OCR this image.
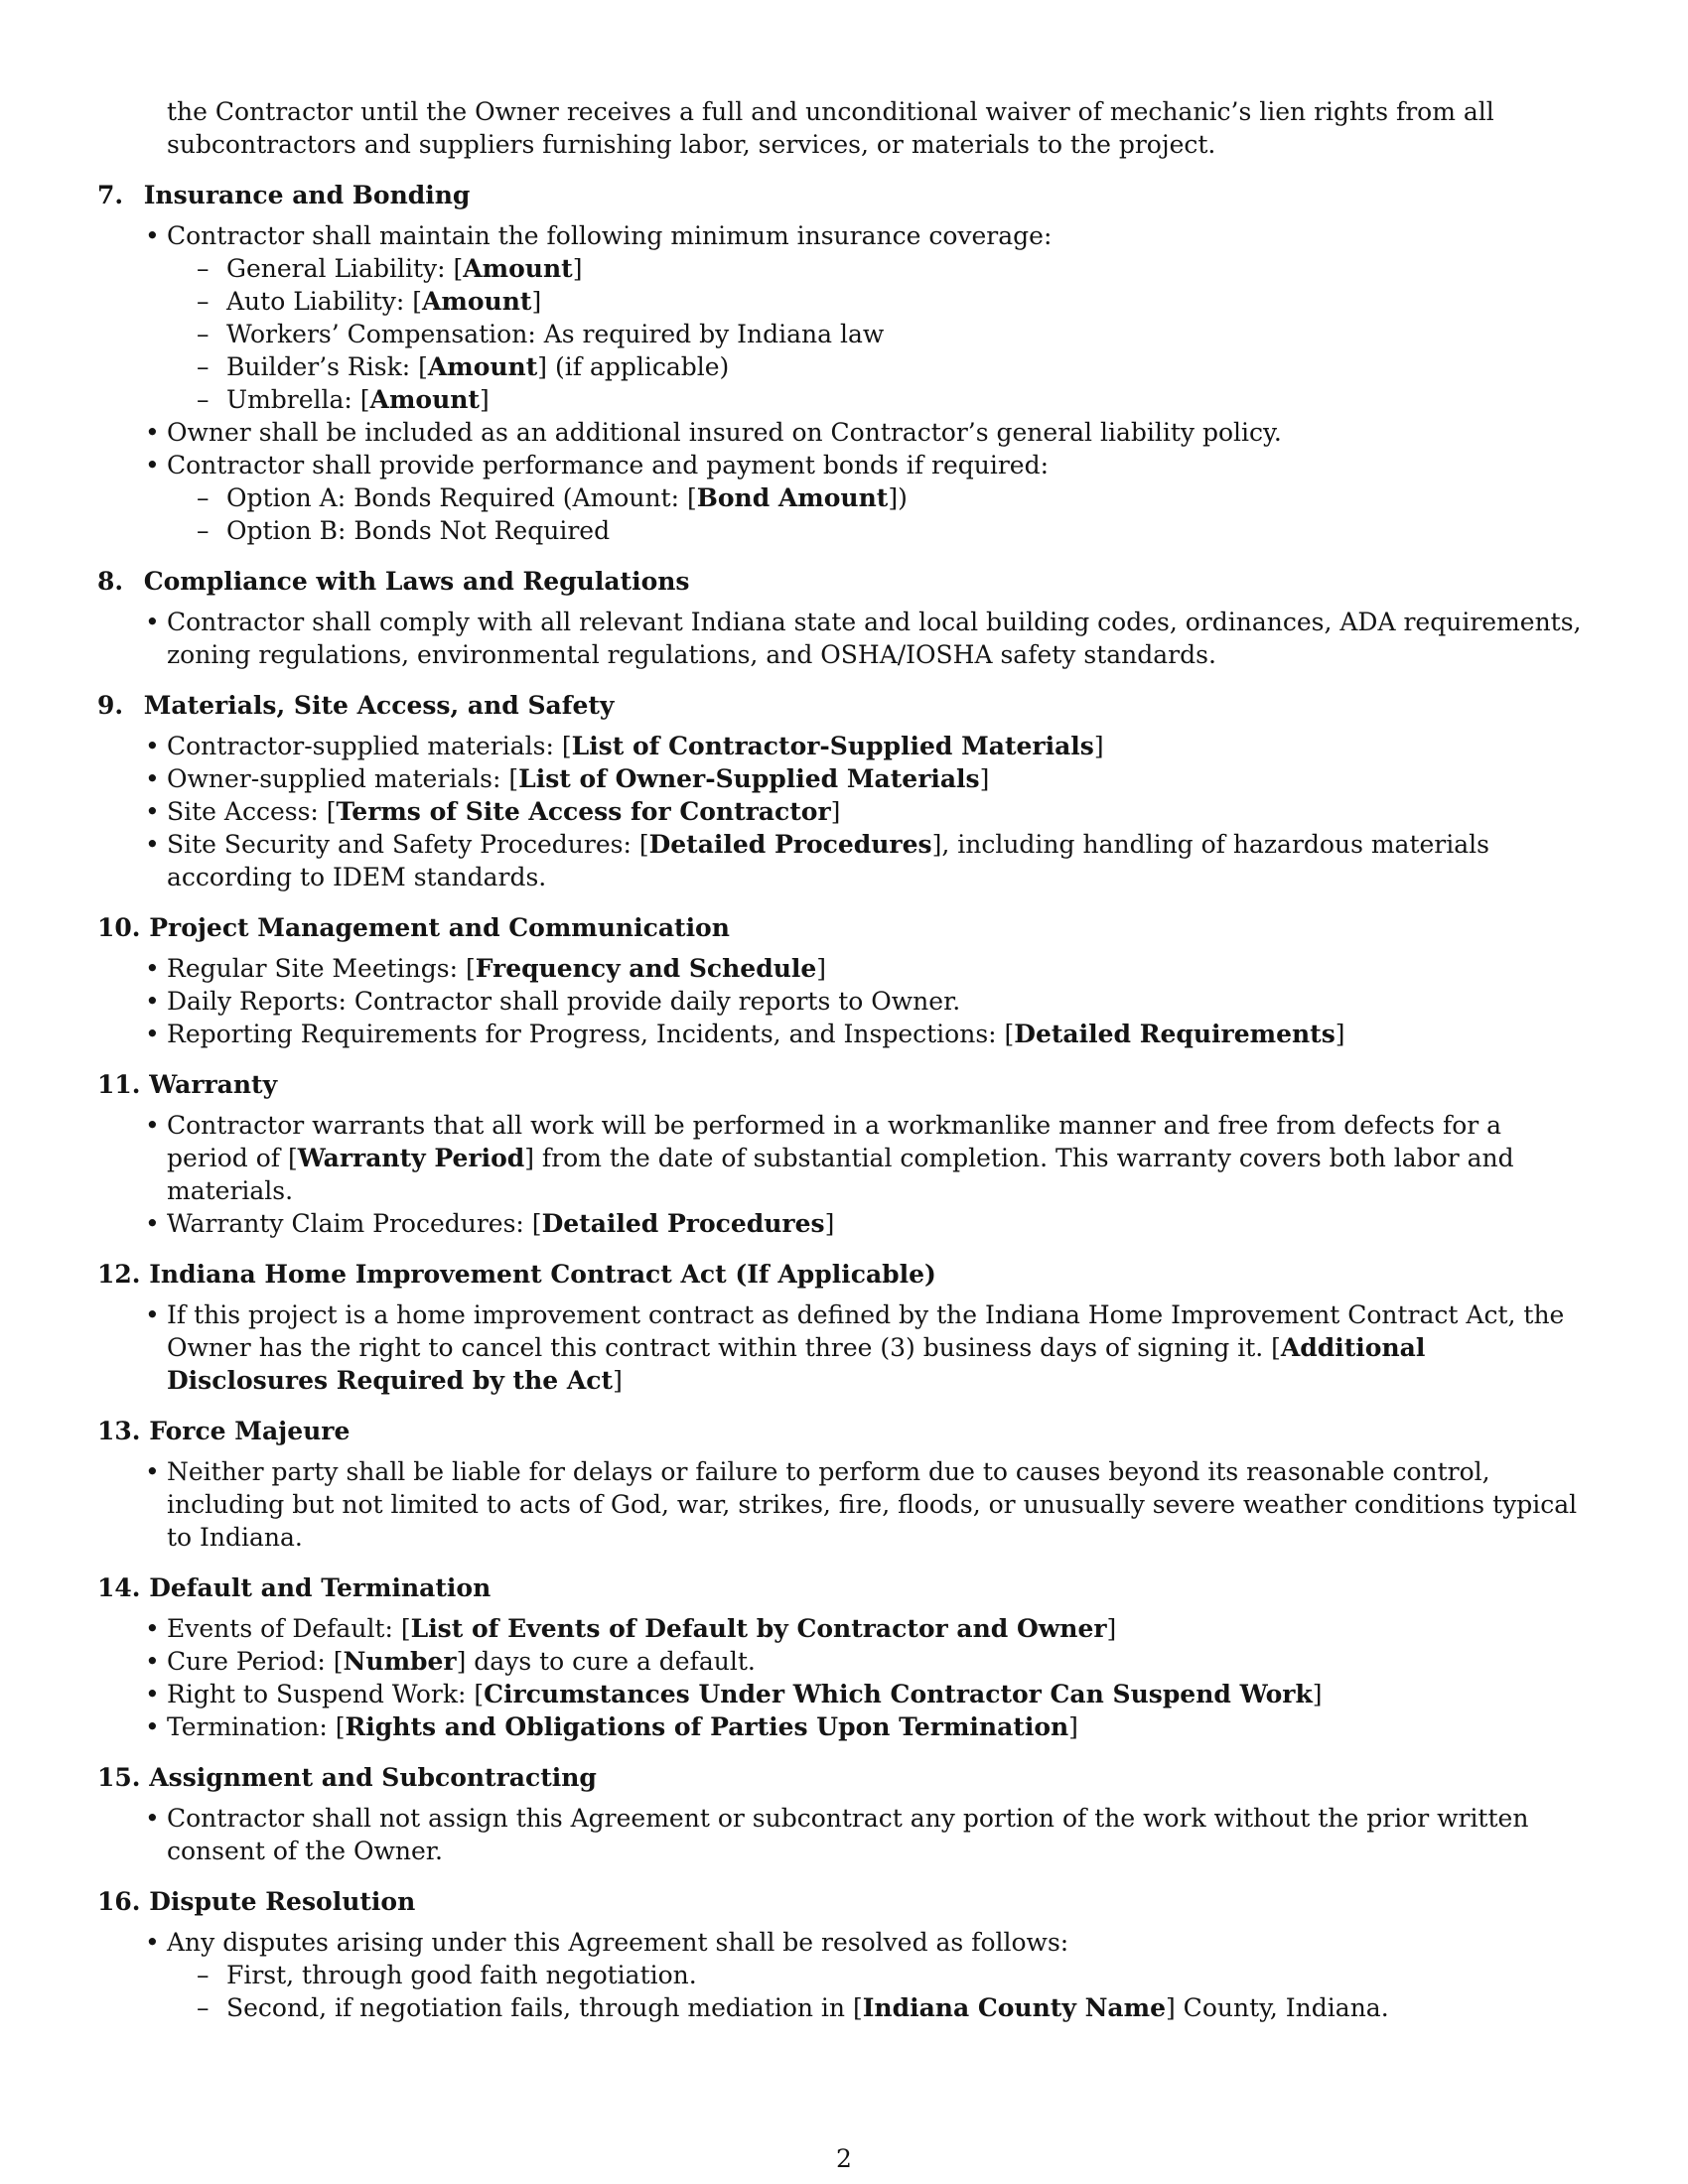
the Contractor until the Owner receives a full and unconditional waiver of mechanic’s lien rights from all subcontractors and suppliers furnishing labor, services, or materials to the project.

7. Insurance and Bonding

• Contractor shall maintain the following minimum insurance coverage:
– General Liability: [Amount]
– Auto Liability: [Amount]
– Workers’ Compensation: As required by Indiana law
– Builder’s Risk: [Amount] (if applicable)
– Umbrella: [Amount]
• Owner shall be included as an additional insured on Contractor’s general liability policy.
• Contractor shall provide performance and payment bonds if required:
– Option A: Bonds Required (Amount: [Bond Amount])
– Option B: Bonds Not Required

8. Compliance with Laws and Regulations

• Contractor shall comply with all relevant Indiana state and local building codes, ordinances, ADA requirements, zoning regulations, environmental regulations, and OSHA/IOSHA safety standards.

9. Materials, Site Access, and Safety

• Contractor-supplied materials: [List of Contractor-Supplied Materials]
• Owner-supplied materials: [List of Owner-Supplied Materials]
• Site Access: [Terms of Site Access for Contractor]
• Site Security and Safety Procedures: [Detailed Procedures], including handling of hazardous materials according to IDEM standards.

10. Project Management and Communication

• Regular Site Meetings: [Frequency and Schedule]
• Daily Reports: Contractor shall provide daily reports to Owner.
• Reporting Requirements for Progress, Incidents, and Inspections: [Detailed Requirements]

11. Warranty

• Contractor warrants that all work will be performed in a workmanlike manner and free from defects for a period of [Warranty Period] from the date of substantial completion. This warranty covers both labor and materials.
• Warranty Claim Procedures: [Detailed Procedures]

12. Indiana Home Improvement Contract Act (If Applicable)

• If this project is a home improvement contract as defined by the Indiana Home Improvement Contract Act, the Owner has the right to cancel this contract within three (3) business days of signing it. [Additional Disclosures Required by the Act]

13. Force Majeure

• Neither party shall be liable for delays or failure to perform due to causes beyond its reasonable control, including but not limited to acts of God, war, strikes, fire, floods, or unusually severe weather conditions typical to Indiana.

14. Default and Termination

• Events of Default: [List of Events of Default by Contractor and Owner]
• Cure Period: [Number] days to cure a default.
• Right to Suspend Work: [Circumstances Under Which Contractor Can Suspend Work]
• Termination: [Rights and Obligations of Parties Upon Termination]

15. Assignment and Subcontracting

• Contractor shall not assign this Agreement or subcontract any portion of the work without the prior written consent of the Owner.

16. Dispute Resolution

• Any disputes arising under this Agreement shall be resolved as follows:
– First, through good faith negotiation.
– Second, if negotiation fails, through mediation in [Indiana County Name] County, Indiana.
2
